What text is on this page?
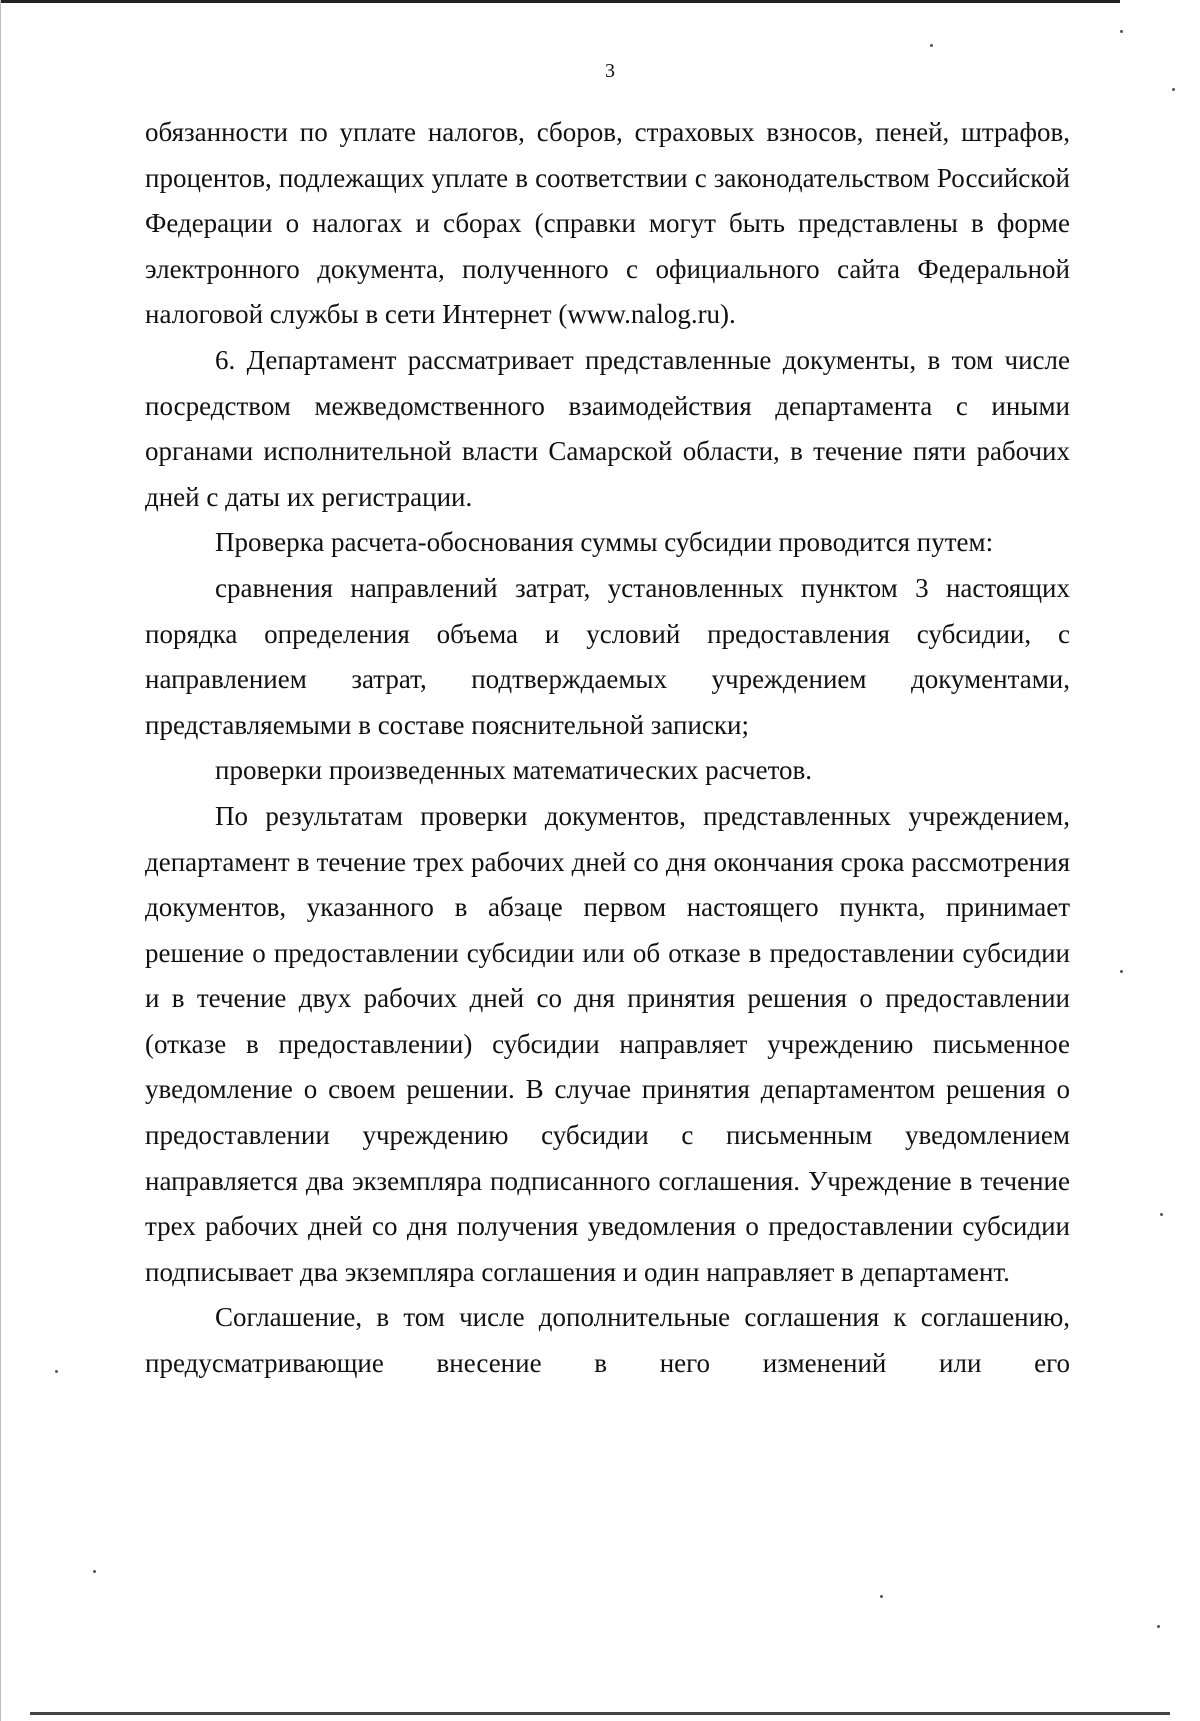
3

обязанности по уплате налогов, сборов, страховых взносов, пеней, штрафов, процентов, подлежащих уплате в соответствии с законодательством Российской Федерации о налогах и сборах (справки могут быть представлены в форме электронного документа, полученного с официального сайта Федеральной налоговой службы в сети Интернет (www.nalog.ru).

6. Департамент рассматривает представленные документы, в том числе посредством межведомственного взаимодействия департамента с иными органами исполнительной власти Самарской области, в течение пяти рабочих дней с даты их регистрации.

Проверка расчета-обоснования суммы субсидии проводится путем:

сравнения направлений затрат, установленных пунктом 3 настоящих порядка определения объема и условий предоставления субсидии, с направлением затрат, подтверждаемых учреждением документами, представляемыми в составе пояснительной записки;

проверки произведенных математических расчетов.

По результатам проверки документов, представленных учреждением, департамент в течение трех рабочих дней со дня окончания срока рассмотрения документов, указанного в абзаце первом настоящего пункта, принимает решение о предоставлении субсидии или об отказе в предоставлении субсидии и в течение двух рабочих дней со дня принятия решения о предоставлении (отказе в предоставлении) субсидии направляет учреждению письменное уведомление о своем решении. В случае принятия департаментом решения о предоставлении учреждению субсидии с письменным уведомлением направляется два экземпляра подписанного соглашения. Учреждение в течение трех рабочих дней со дня получения уведомления о предоставлении субсидии подписывает два экземпляра соглашения и один направляет в департамент.

Соглашение, в том числе дополнительные соглашения к соглашению, предусматривающие внесение в него изменений или его
